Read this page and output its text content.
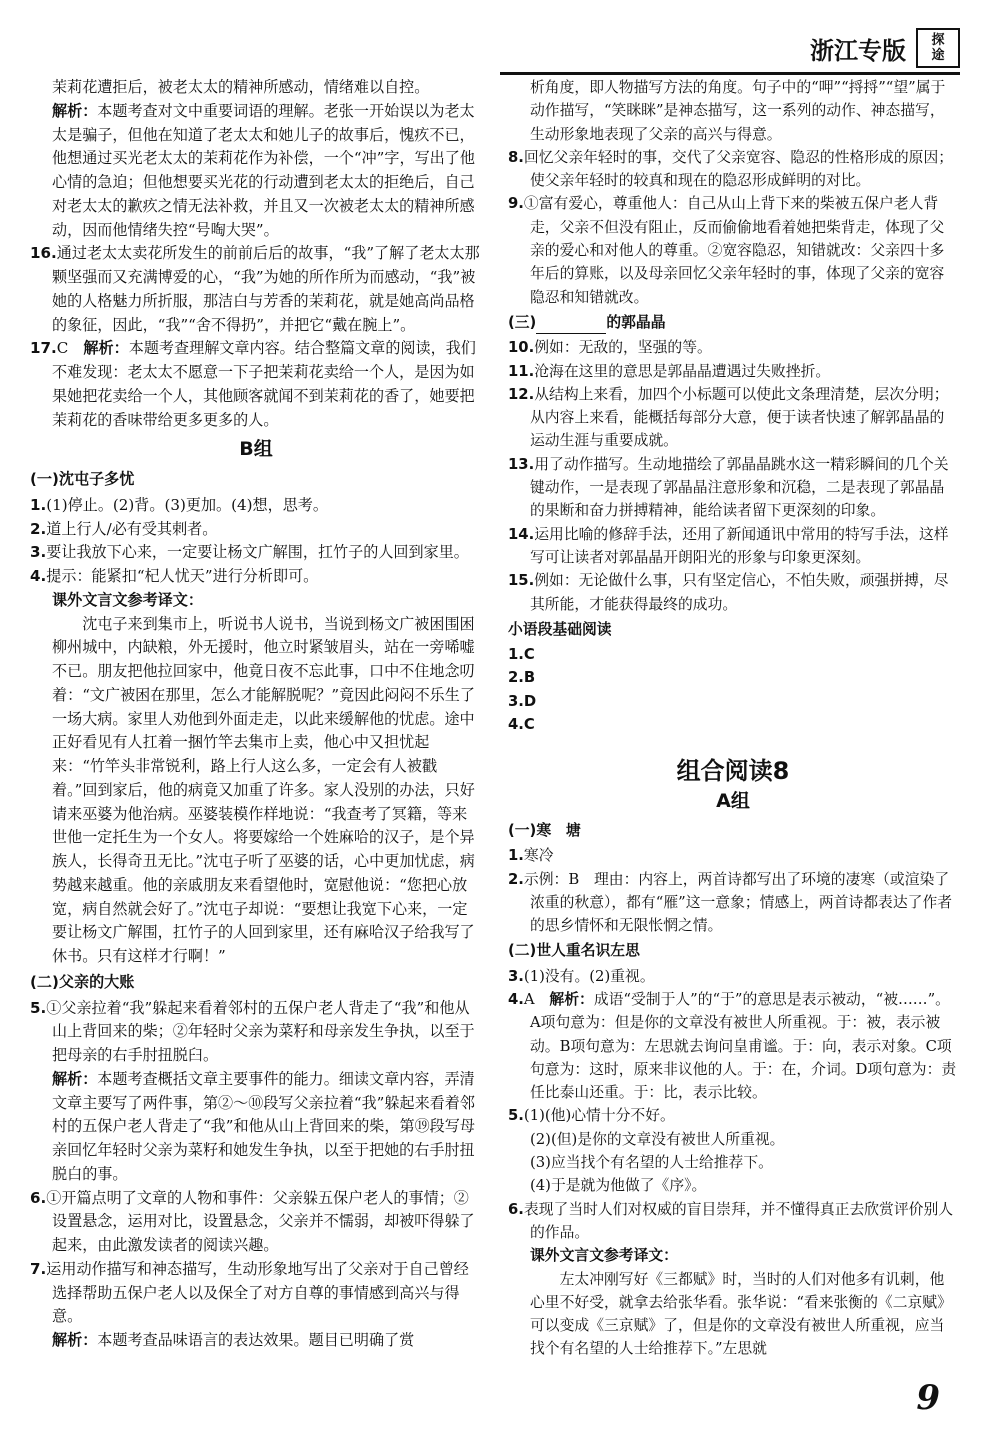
浙江专版	探
途

茉莉花遭拒后，被老太太的精神所感动，情绪难以自控。

解析：本题考查对文中重要词语的理解。老张一开始误以为老太太是骗子，但他在知道了老太太和她儿子的故事后，愧疚不已，他想通过买光老太太的茉莉花作为补偿，一个“冲”字，写出了他心情的急迫；但他想要买光花的行动遭到老太太的拒绝后，自己对老太太的歉疚之情无法补救，并且又一次被老太太的精神所感动，因而他情绪失控“号啕大哭”。

16.通过老太太卖花所发生的前前后后的故事，“我”了解了老太太那颗坚强而又充满博爱的心，“我”为她的所作所为而感动，“我”被她的人格魅力所折服，那洁白与芳香的茉莉花，就是她高尚品格的象征，因此，“我”“舍不得扔”，并把它“戴在腕上”。

17.C　 解析：本题考查理解文章内容。结合整篇文章的阅读，我们不难发现：老太太不愿意一下子把茉莉花卖给一个人，是因为如果她把花卖给一个人，其他顾客就闻不到茉莉花的香了，她要把茉莉花的香味带给更多更多的人。

B组
(一)沈屯子多忧

1.(1)停止。(2)背。(3)更加。(4)想，思考。

2.道上行人/必有受其剌者。

3.要让我放下心来，一定要让杨文广解围，扛竹子的人回到家里。

4.提示：能紧扣“杞人忧天”进行分析即可。

课外文言文参考译文：

沈屯子来到集市上，听说书人说书，当说到杨文广被困围困柳州城中，内缺粮，外无援时，他立时紧皱眉头，站在一旁唏嘘不已。朋友把他拉回家中，他竟日夜不忘此事，口中不住地念叨着：“文广被困在那里，怎么才能解脱呢？”竟因此闷闷不乐生了一场大病。家里人劝他到外面走走，以此来缓解他的忧虑。途中正好看见有人扛着一捆竹竿去集市上卖，他心中又担忧起来：“竹竿头非常锐利，路上行人这么多，一定会有人被戳着。”回到家后，他的病竟又加重了许多。家人没别的办法，只好请来巫婆为他治病。巫婆装模作样地说：“我查考了冥籍，等来世他一定托生为一个女人。将要嫁给一个姓麻哈的汉子，是个异族人，长得奇丑无比。”沈屯子听了巫婆的话，心中更加忧虑，病势越来越重。他的亲戚朋友来看望他时，宽慰他说：“您把心放宽，病自然就会好了。”沈屯子却说：“要想让我宽下心来，一定要让杨文广解围，扛竹子的人回到家里，还有麻哈汉子给我写了休书。只有这样才行啊！”

(二)父亲的大账

5.①父亲拉着“我”躲起来看着邻村的五保户老人背走了“我”和他从山上背回来的柴；②年轻时父亲为菜籽和母亲发生争执，以至于把母亲的右手肘扭脱臼。

解析：本题考查概括文章主要事件的能力。细读文章内容，弄清文章主要写了两件事，第②～⑩段写父亲拉着“我”躲起来看着邻村的五保户老人背走了“我”和他从山上背回来的柴，第⑲段写母亲回忆年轻时父亲为菜籽和她发生争执，以至于把她的右手肘扭脱白的事。

6.①开篇点明了文章的人物和事件：父亲躲五保户老人的事情；②设置悬念，运用对比，设置悬念，父亲并不懦弱，却被吓得躲了起来，由此激发读者的阅读兴趣。

7.运用动作描写和神态描写，生动形象地写出了父亲对于自己曾经选择帮助五保户老人以及保全了对方自尊的事情感到高兴与得意。

解析：本题考查品味语言的表达效果。题目已明确了赏

析角度，即人物描写方法的角度。句子中的“呷”“捋捋”“望”属于动作描写，“笑眯眯”是神态描写，这一系列的动作、神态描写，生动形象地表现了父亲的高兴与得意。

8.回忆父亲年轻时的事，交代了父亲宽容、隐忍的性格形成的原因；使父亲年轻时的较真和现在的隐忍形成鲜明的对比。

9.①富有爱心，尊重他人：自己从山上背下来的柴被五保户老人背走，父亲不但没有阻止，反而偷偷地看着她把柴背走，体现了父亲的爱心和对他人的尊重。②宽容隐忍，知错就改：父亲四十多年后的算账，以及母亲回忆父亲年轻时的事，体现了父亲的宽容隐忍和知错就改。

(三)	的郭晶晶

10.例如：无敌的，坚强的等。

11.沧海在这里的意思是郭晶晶遭遇过失败挫折。

12.从结构上来看，加四个小标题可以使此文条理清楚，层次分明；从内容上来看，能概括每部分大意，便于读者快速了解郭晶晶的运动生涯与重要成就。

13.用了动作描写。生动地描绘了郭晶晶跳水这一精彩瞬间的几个关键动作，一是表现了郭晶晶注意形象和沉稳，二是表现了郭晶晶的果断和奋力拼搏精神，能给读者留下更深刻的印象。

14.运用比喻的修辞手法，还用了新闻通讯中常用的特写手法，这样写可让读者对郭晶晶开朗阳光的形象与印象更深刻。

15.例如：无论做什么事，只有坚定信心，不怕失败，顽强拼搏，尽其所能，才能获得最终的成功。

小语段基础阅读
1.C
2.B
3.D
4.C
组合阅读8
A组
(一)寒　塘

1.寒冷

2.示例：B　理由：内容上，两首诗都写出了环境的凄寒（或渲染了浓重的秋意），都有“雁”这一意象；情感上，两首诗都表达了作者的思乡情怀和无限怅惘之情。

(二)世人重名识左思

3.(1)没有。(2)重视。

4.A　 解析：成语“受制于人”的“于”的意思是表示被动，“被……”。A项句意为：但是你的文章没有被世人所重视。于：被，表示被动。B项句意为：左思就去询问皇甫谧。于：向，表示对象。C项句意为：这时，原来非议他的人。于：在，介词。D项句意为：责任比泰山还重。于：比，表示比较。

5.(1)(他)心情十分不好。

(2)(但)是你的文章没有被世人所重视。

(3)应当找个有名望的人士给推荐下。

(4)于是就为他做了《序》。

6.表现了当时人们对权威的盲目崇拜，并不懂得真正去欣赏评价别人的作品。

课外文言文参考译文：

左太冲刚写好《三都赋》时，当时的人们对他多有讥刺，他心里不好受，就拿去给张华看。张华说：“看来张衡的《二京赋》可以变成《三京赋》了，但是你的文章没有被世人所重视，应当找个有名望的人士给推荐下。”左思就

9
